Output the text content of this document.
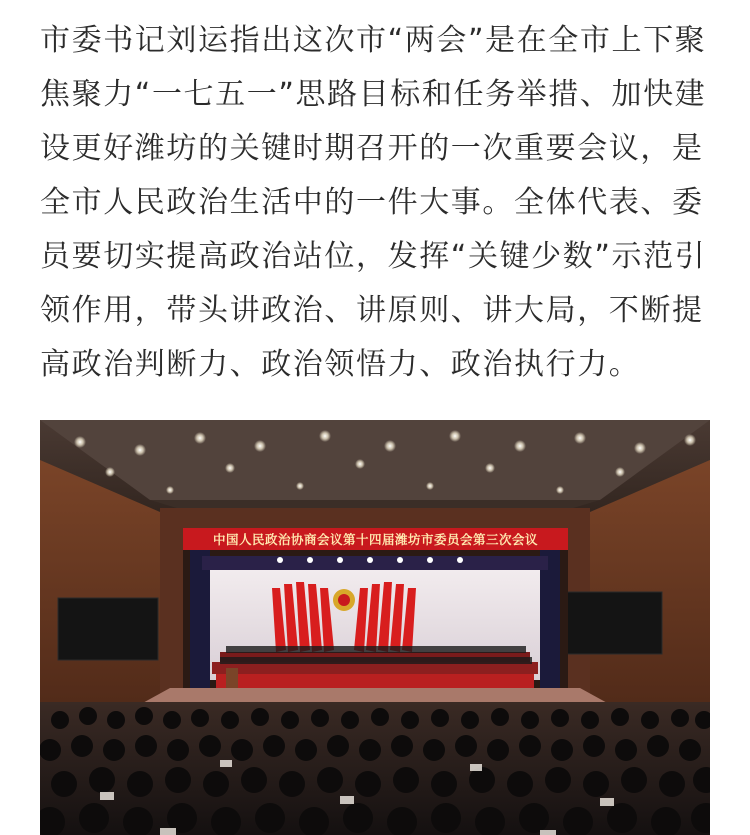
市委书记刘运指出这次市“两会”是在全市上下聚
焦聚力“一七五一”思路目标和任务举措、加快建
设更好潍坊的关键时期召开的一次重要会议，是
全市人民政治生活中的一件大事。全体代表、委
员要切实提高政治站位，发挥“关键少数”示范引
领作用，带头讲政治、讲原则、讲大局，不断提
高政治判断力、政治领悟力、政治执行力。

中国人民政治协商会议第十四届潍坊市委员会第三次会议
